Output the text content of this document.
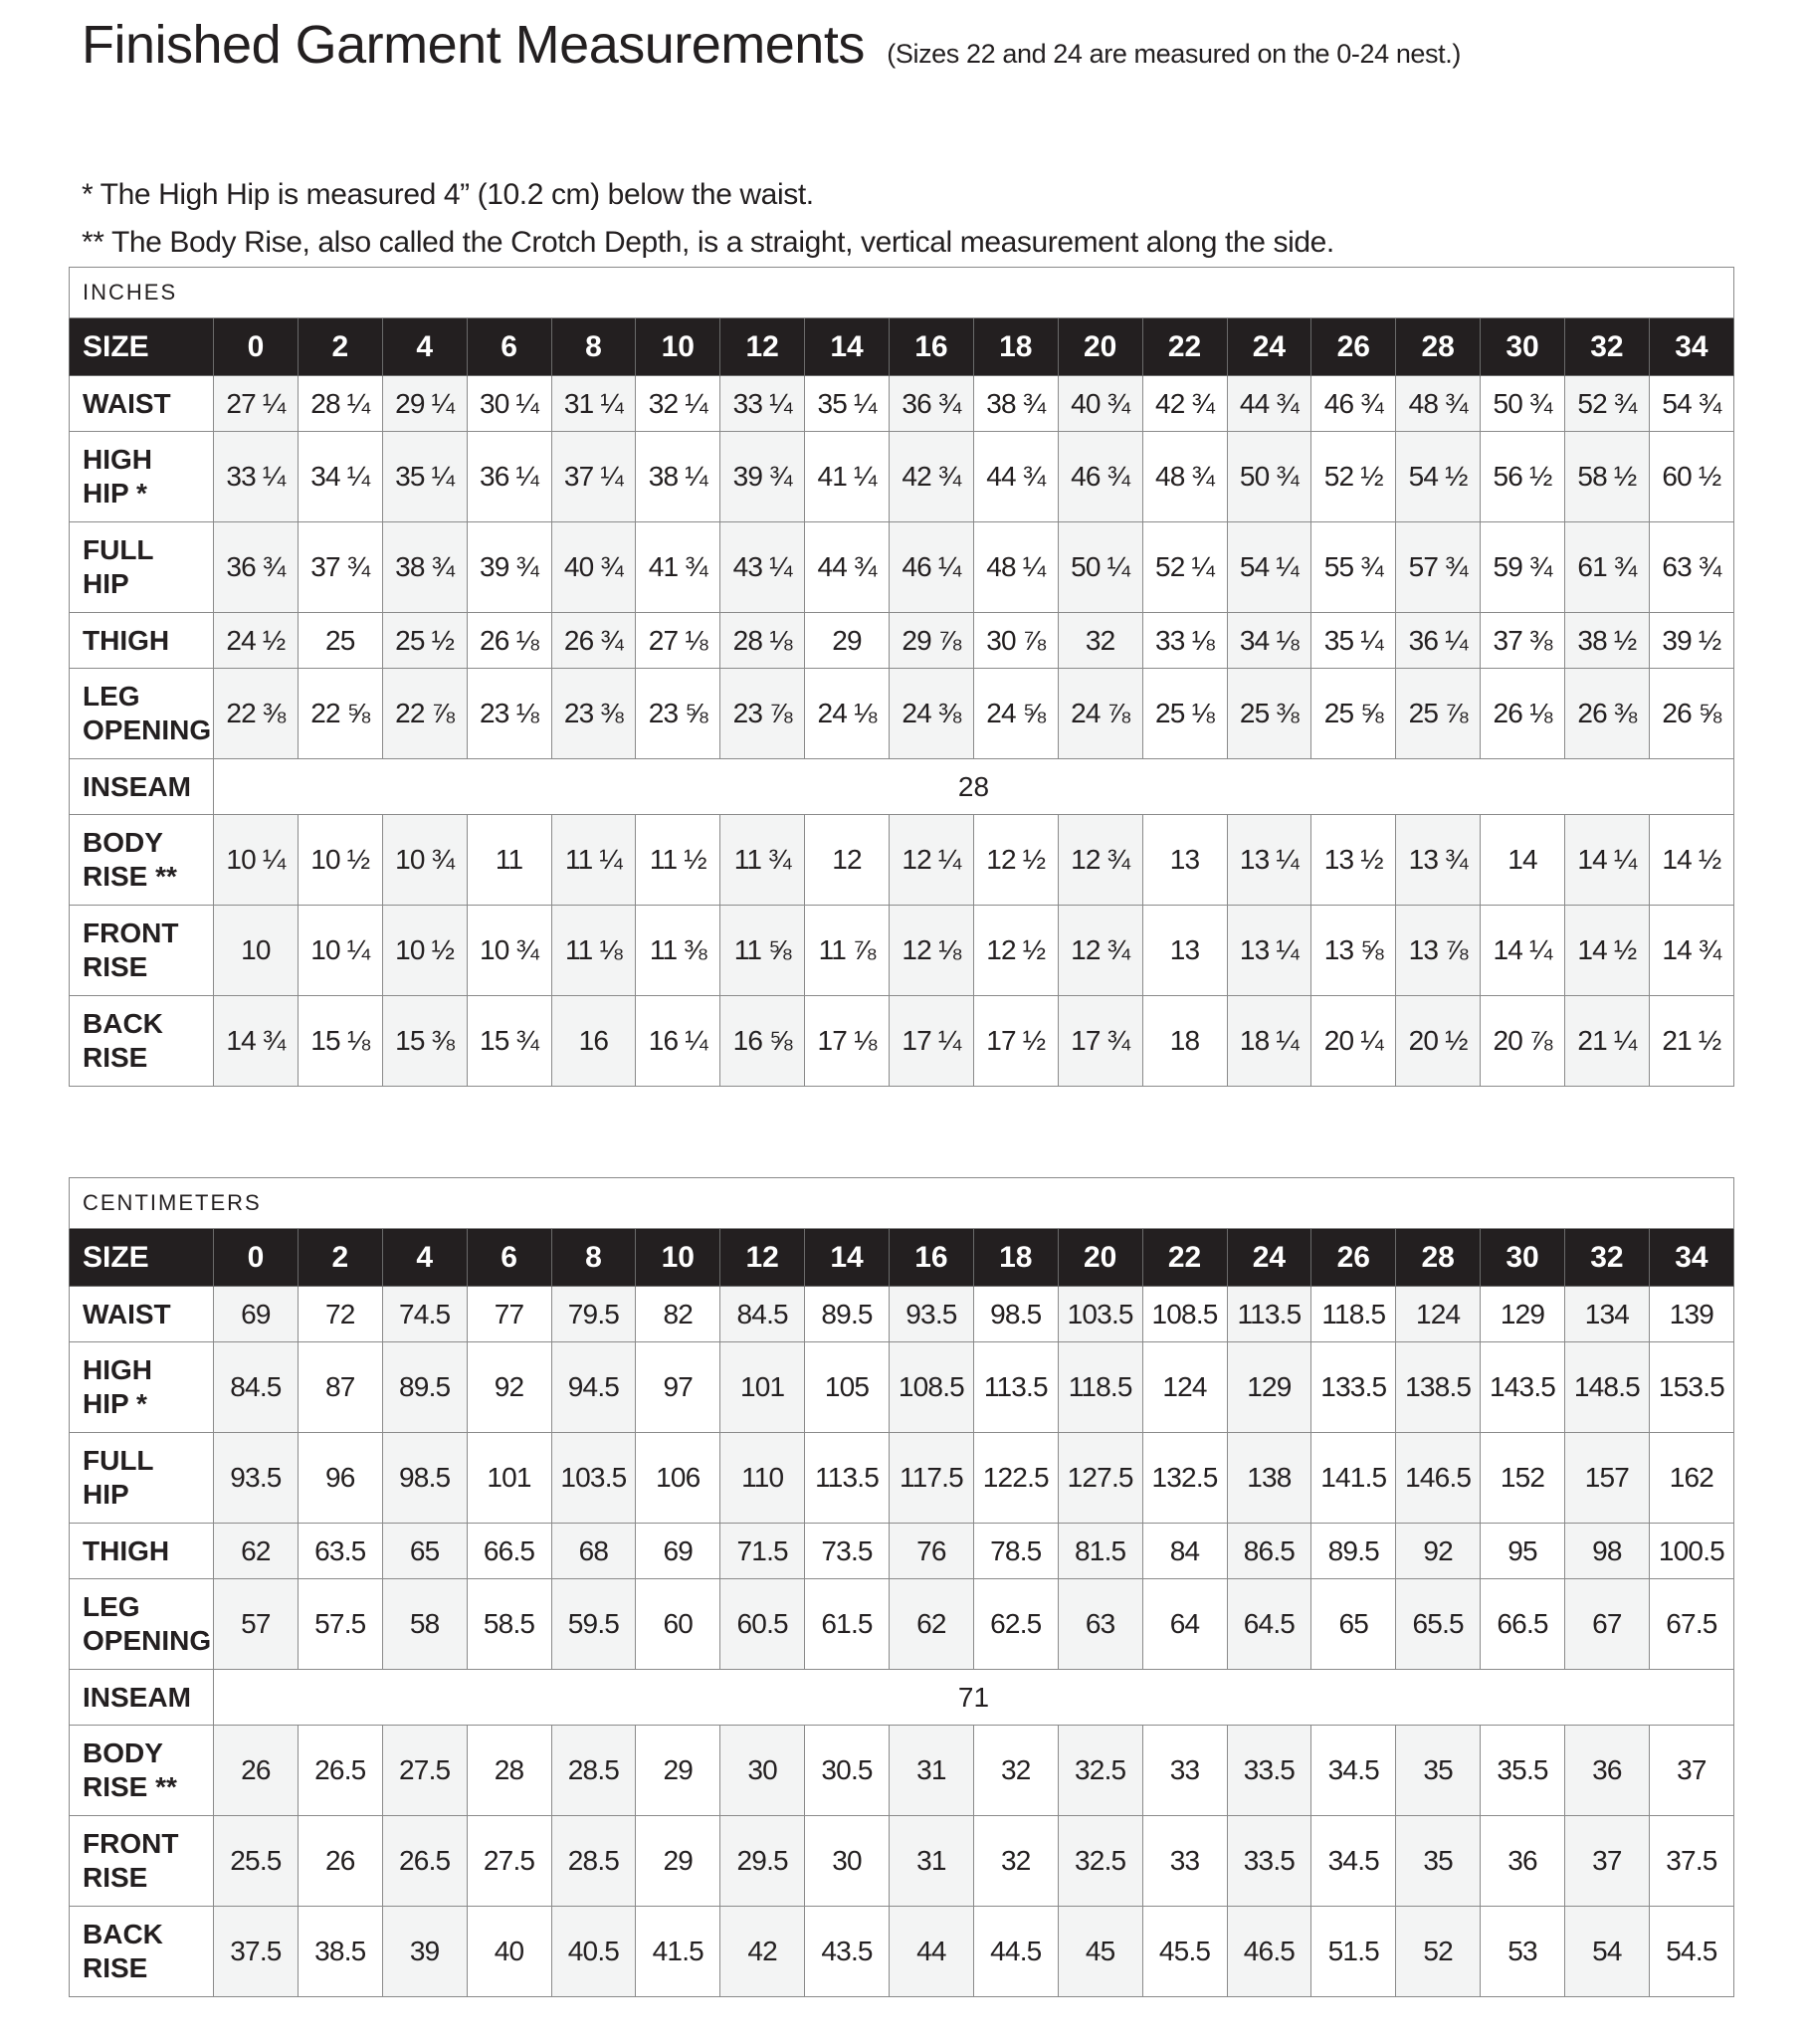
Finished Garment Measurements (Sizes 22 and 24 are measured on the 0-24 nest.)
* The High Hip is measured 4” (10.2 cm) below the waist.
** The Body Rise, also called the Crotch Depth, is a straight, vertical measurement along the side.
INCHES																		
SIZE	0	2	4	6	8	10	12	14	16	18	20	22	24	26	28	30	32	34

WAIST	27 ¼	28 ¼	29 ¼	30 ¼	31 ¼	32 ¼	33 ¼	35 ¼	36 ¾	38 ¾	40 ¾	42 ¾	44 ¾	46 ¾	48 ¾	50 ¾	52 ¾	54 ¾

HIGH
HIP *	33 ¼	34 ¼	35 ¼	36 ¼	37 ¼	38 ¼	39 ¾	41 ¼	42 ¾	44 ¾	46 ¾	48 ¾	50 ¾	52 ½	54 ½	56 ½	58 ½	60 ½

FULL
HIP	36 ¾	37 ¾	38 ¾	39 ¾	40 ¾	41 ¾	43 ¼	44 ¾	46 ¼	48 ¼	50 ¼	52 ¼	54 ¼	55 ¾	57 ¾	59 ¾	61 ¾	63 ¾

THIGH	24 ½	25	25 ½	26 ⅛	26 ¾	27 ⅛	28 ⅛	29	29 ⅞	30 ⅞	32	33 ⅛	34 ⅛	35 ¼	36 ¼	37 ⅜	38 ½	39 ½

LEG
OPENING	22 ⅜	22 ⅝	22 ⅞	23 ⅛	23 ⅜	23 ⅝	23 ⅞	24 ⅛	24 ⅜	24 ⅝	24 ⅞	25 ⅛	25 ⅜	25 ⅝	25 ⅞	26 ⅛	26 ⅜	26 ⅝

INSEAM	28																	

BODY
RISE **	10 ¼	10 ½	10 ¾	11	11 ¼	11 ½	11 ¾	12	12 ¼	12 ½	12 ¾	13	13 ¼	13 ½	13 ¾	14	14 ¼	14 ½

FRONT
RISE	10	10 ¼	10 ½	10 ¾	11 ⅛	11 ⅜	11 ⅝	11 ⅞	12 ⅛	12 ½	12 ¾	13	13 ¼	13 ⅝	13 ⅞	14 ¼	14 ½	14 ¾

BACK
RISE	14 ¾	15 ⅛	15 ⅜	15 ¾	16	16 ¼	16 ⅝	17 ⅛	17 ¼	17 ½	17 ¾	18	18 ¼	20 ¼	20 ½	20 ⅞	21 ¼	21 ½
CENTIMETERS																		
SIZE	0	2	4	6	8	10	12	14	16	18	20	22	24	26	28	30	32	34

WAIST	69	72	74.5	77	79.5	82	84.5	89.5	93.5	98.5	103.5	108.5	113.5	118.5	124	129	134	139

HIGH
HIP *	84.5	87	89.5	92	94.5	97	101	105	108.5	113.5	118.5	124	129	133.5	138.5	143.5	148.5	153.5

FULL
HIP	93.5	96	98.5	101	103.5	106	110	113.5	117.5	122.5	127.5	132.5	138	141.5	146.5	152	157	162

THIGH	62	63.5	65	66.5	68	69	71.5	73.5	76	78.5	81.5	84	86.5	89.5	92	95	98	100.5

LEG
OPENING	57	57.5	58	58.5	59.5	60	60.5	61.5	62	62.5	63	64	64.5	65	65.5	66.5	67	67.5

INSEAM	71																	

BODY
RISE **	26	26.5	27.5	28	28.5	29	30	30.5	31	32	32.5	33	33.5	34.5	35	35.5	36	37

FRONT
RISE	25.5	26	26.5	27.5	28.5	29	29.5	30	31	32	32.5	33	33.5	34.5	35	36	37	37.5

BACK
RISE	37.5	38.5	39	40	40.5	41.5	42	43.5	44	44.5	45	45.5	46.5	51.5	52	53	54	54.5
